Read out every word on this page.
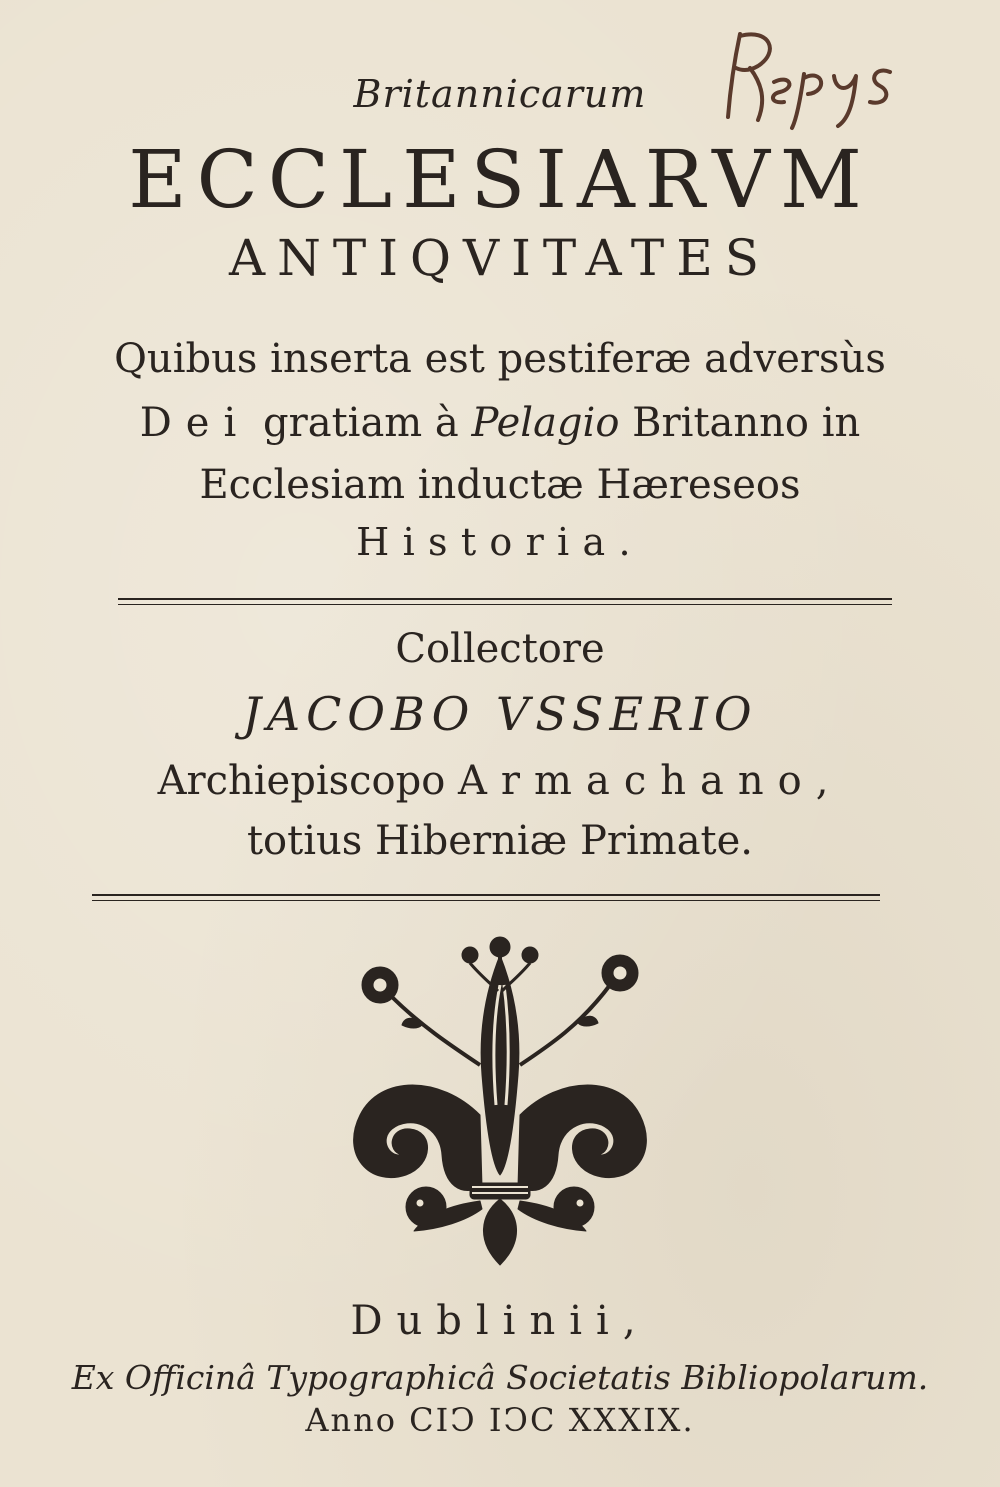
Britannicarum
ECCLESIARVM
ANTIQVITATES
Quibus inserta est pestiferæ adversùs
Dei gratiam à Pelagio Britanno in
Ecclesiam inductæ Hæreseos
Historia.
Collectore
JACOBO VSSERIO
Archiepiscopo Armachano,
totius Hiberniæ Primate.
Dublinii,
Ex Officinâ Typographicâ Societatis Bibliopolarum.
Anno CIↃ IↃC XXXIX.
